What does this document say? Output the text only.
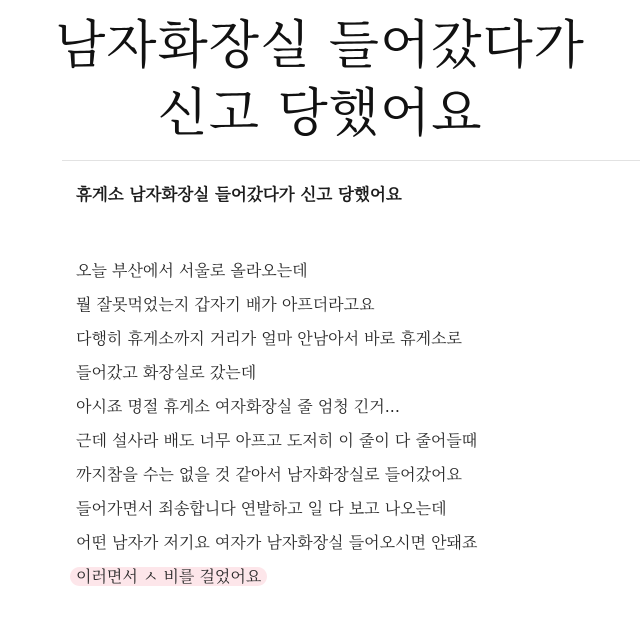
남자화장실 들어갔다가
신고 당했어요
휴게소 남자화장실 들어갔다가 신고 당했어요
오늘 부산에서 서울로 올라오는데
뭘 잘못먹었는지 갑자기 배가 아프더라고요
다행히 휴게소까지 거리가 얼마 안남아서 바로 휴게소로
들어갔고 화장실로 갔는데
아시죠 명절 휴게소 여자화장실 줄 엄청 긴거...
근데 설사라 배도 너무 아프고 도저히 이 줄이 다 줄어들때
까지참을 수는 없을 것 같아서 남자화장실로 들어갔어요
들어가면서 죄송합니다 연발하고 일 다 보고 나오는데
어떤 남자가 저기요 여자가 남자화장실 들어오시면 안돼죠
이러면서 ㅅ 비를 걸었어요
